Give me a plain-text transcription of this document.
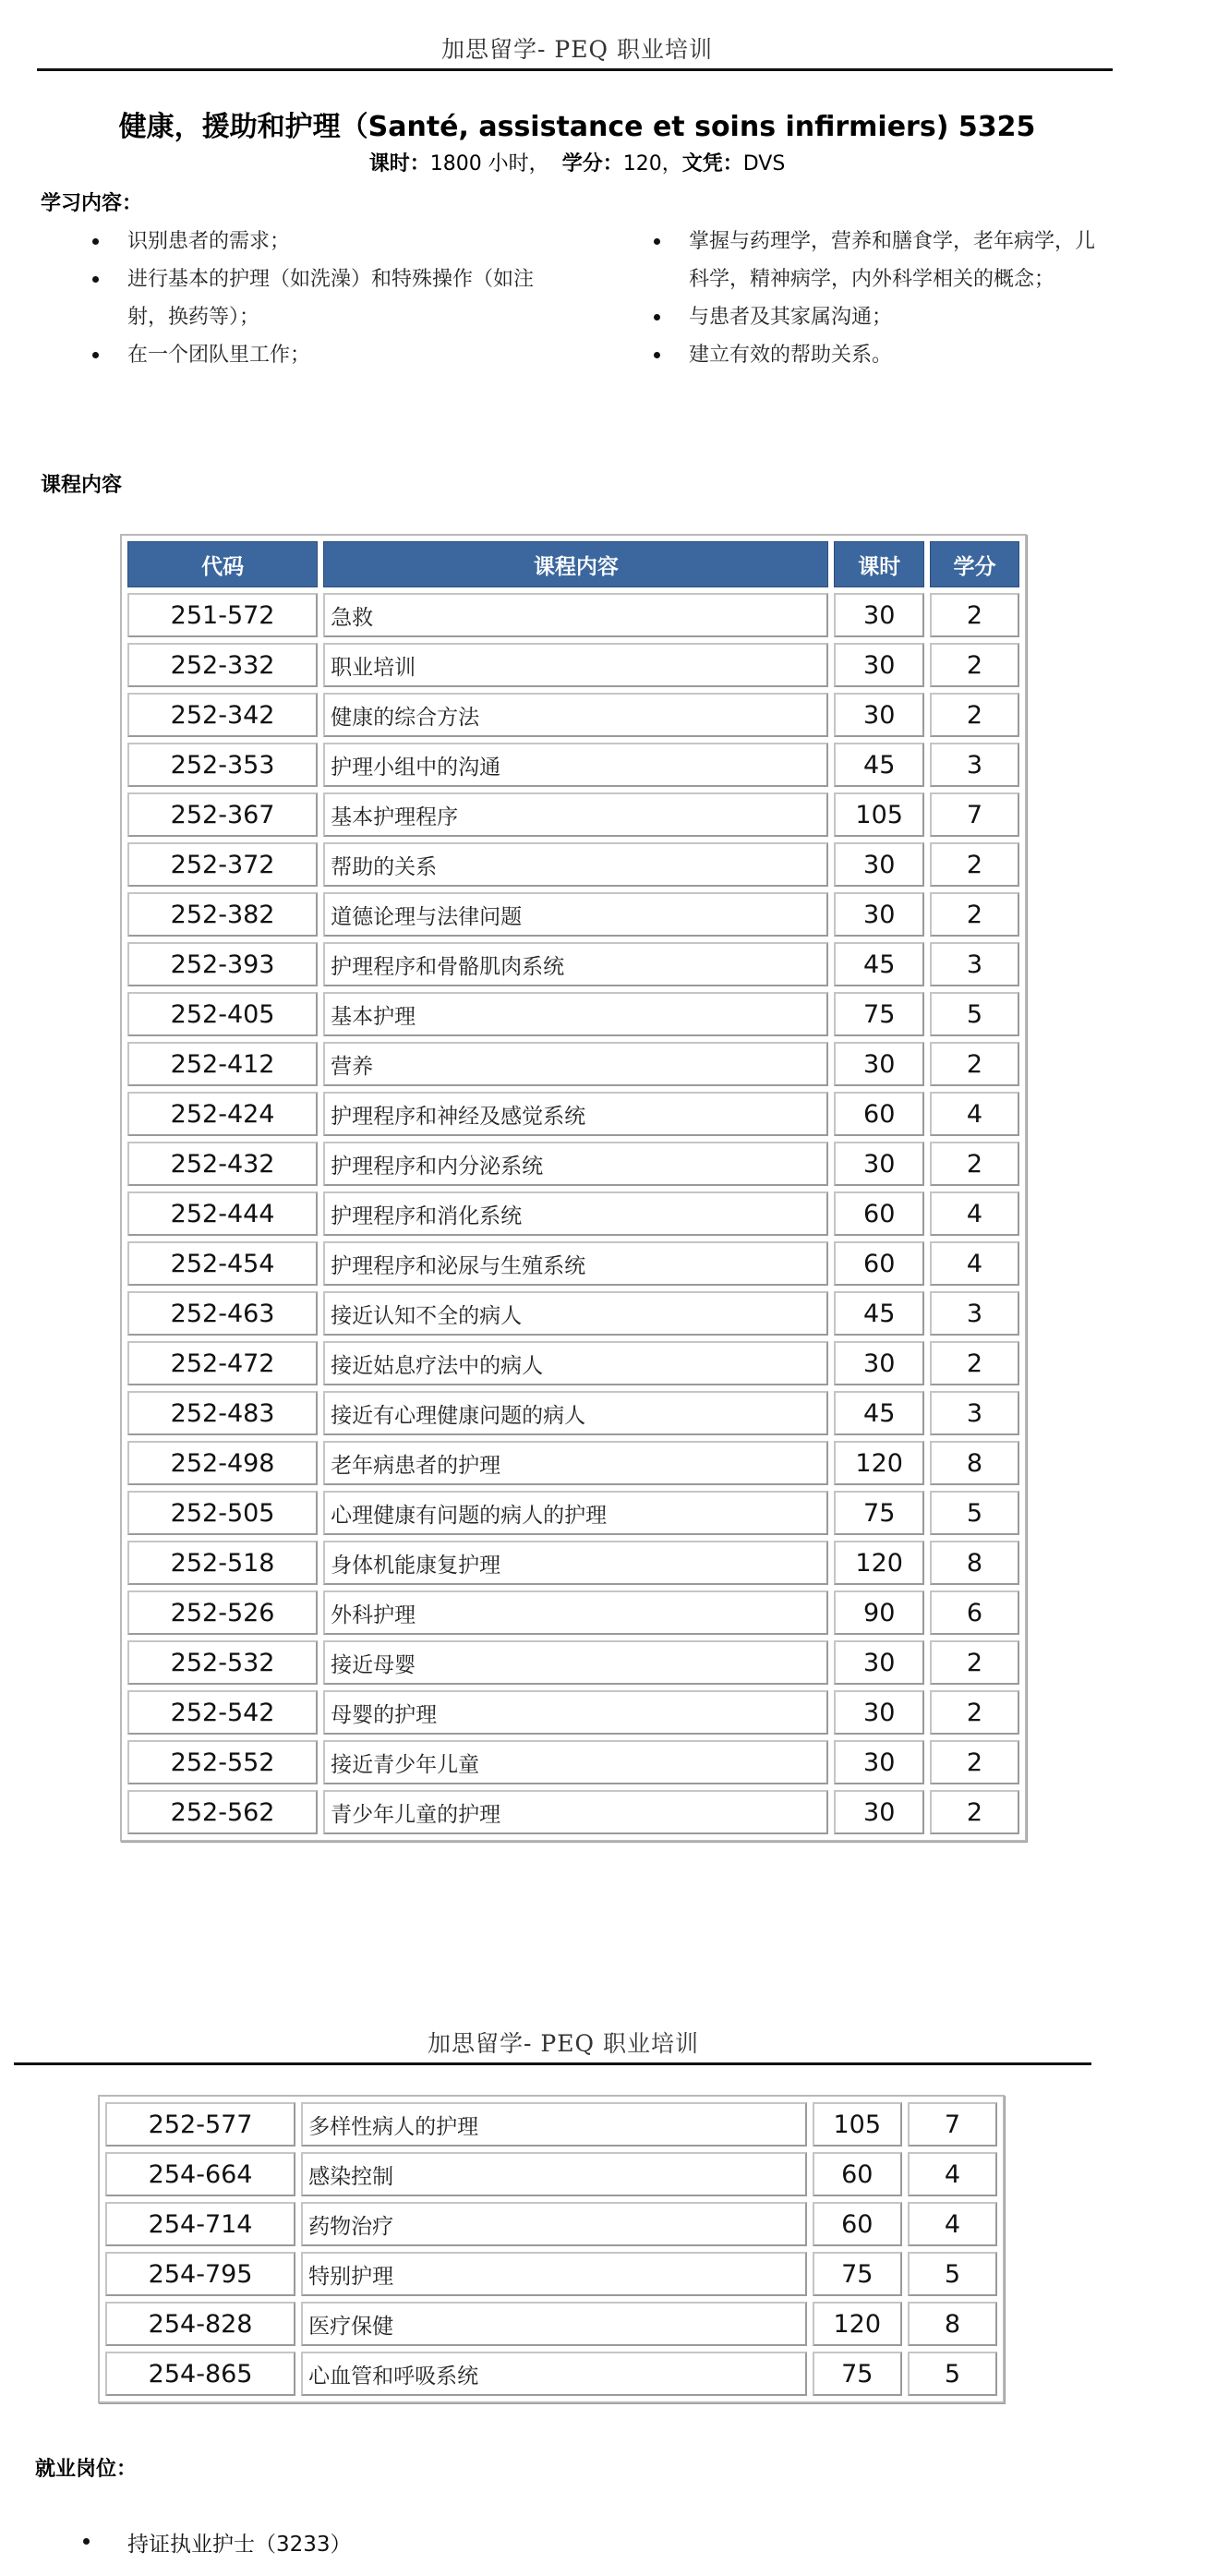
加思留学- PEQ 职业培训
健康，援助和护理（Santé, assistance et soins infirmiers) 5325
课时：1800 小时， 学分：120，文凭：DVS
学习内容：
识别患者的需求；
进行基本的护理（如洗澡）和特殊操作（如注射，换药等）；
在一个团队里工作；
掌握与药理学，营养和膳食学，老年病学，儿科学，精神病学，内外科学相关的概念；
与患者及其家属沟通；
建立有效的帮助关系。
课程内容
代码	课程内容	课时	学分
251-572	急救	30	2
252-332	职业培训	30	2
252-342	健康的综合方法	30	2
252-353	护理小组中的沟通	45	3
252-367	基本护理程序	105	7
252-372	帮助的关系	30	2
252-382	道德论理与法律问题	30	2
252-393	护理程序和骨骼肌肉系统	45	3
252-405	基本护理	75	5
252-412	营养	30	2
252-424	护理程序和神经及感觉系统	60	4
252-432	护理程序和内分泌系统	30	2
252-444	护理程序和消化系统	60	4
252-454	护理程序和泌尿与生殖系统	60	4
252-463	接近认知不全的病人	45	3
252-472	接近姑息疗法中的病人	30	2
252-483	接近有心理健康问题的病人	45	3
252-498	老年病患者的护理	120	8
252-505	心理健康有问题的病人的护理	75	5
252-518	身体机能康复护理	120	8
252-526	外科护理	90	6
252-532	接近母婴	30	2
252-542	母婴的护理	30	2
252-552	接近青少年儿童	30	2
252-562	青少年儿童的护理	30	2
加思留学- PEQ 职业培训
252-577	多样性病人的护理	105	7
254-664	感染控制	60	4
254-714	药物治疗	60	4
254-795	特别护理	75	5
254-828	医疗保健	120	8
254-865	心血管和呼吸系统	75	5
就业岗位：
持证执业护士（3233）
